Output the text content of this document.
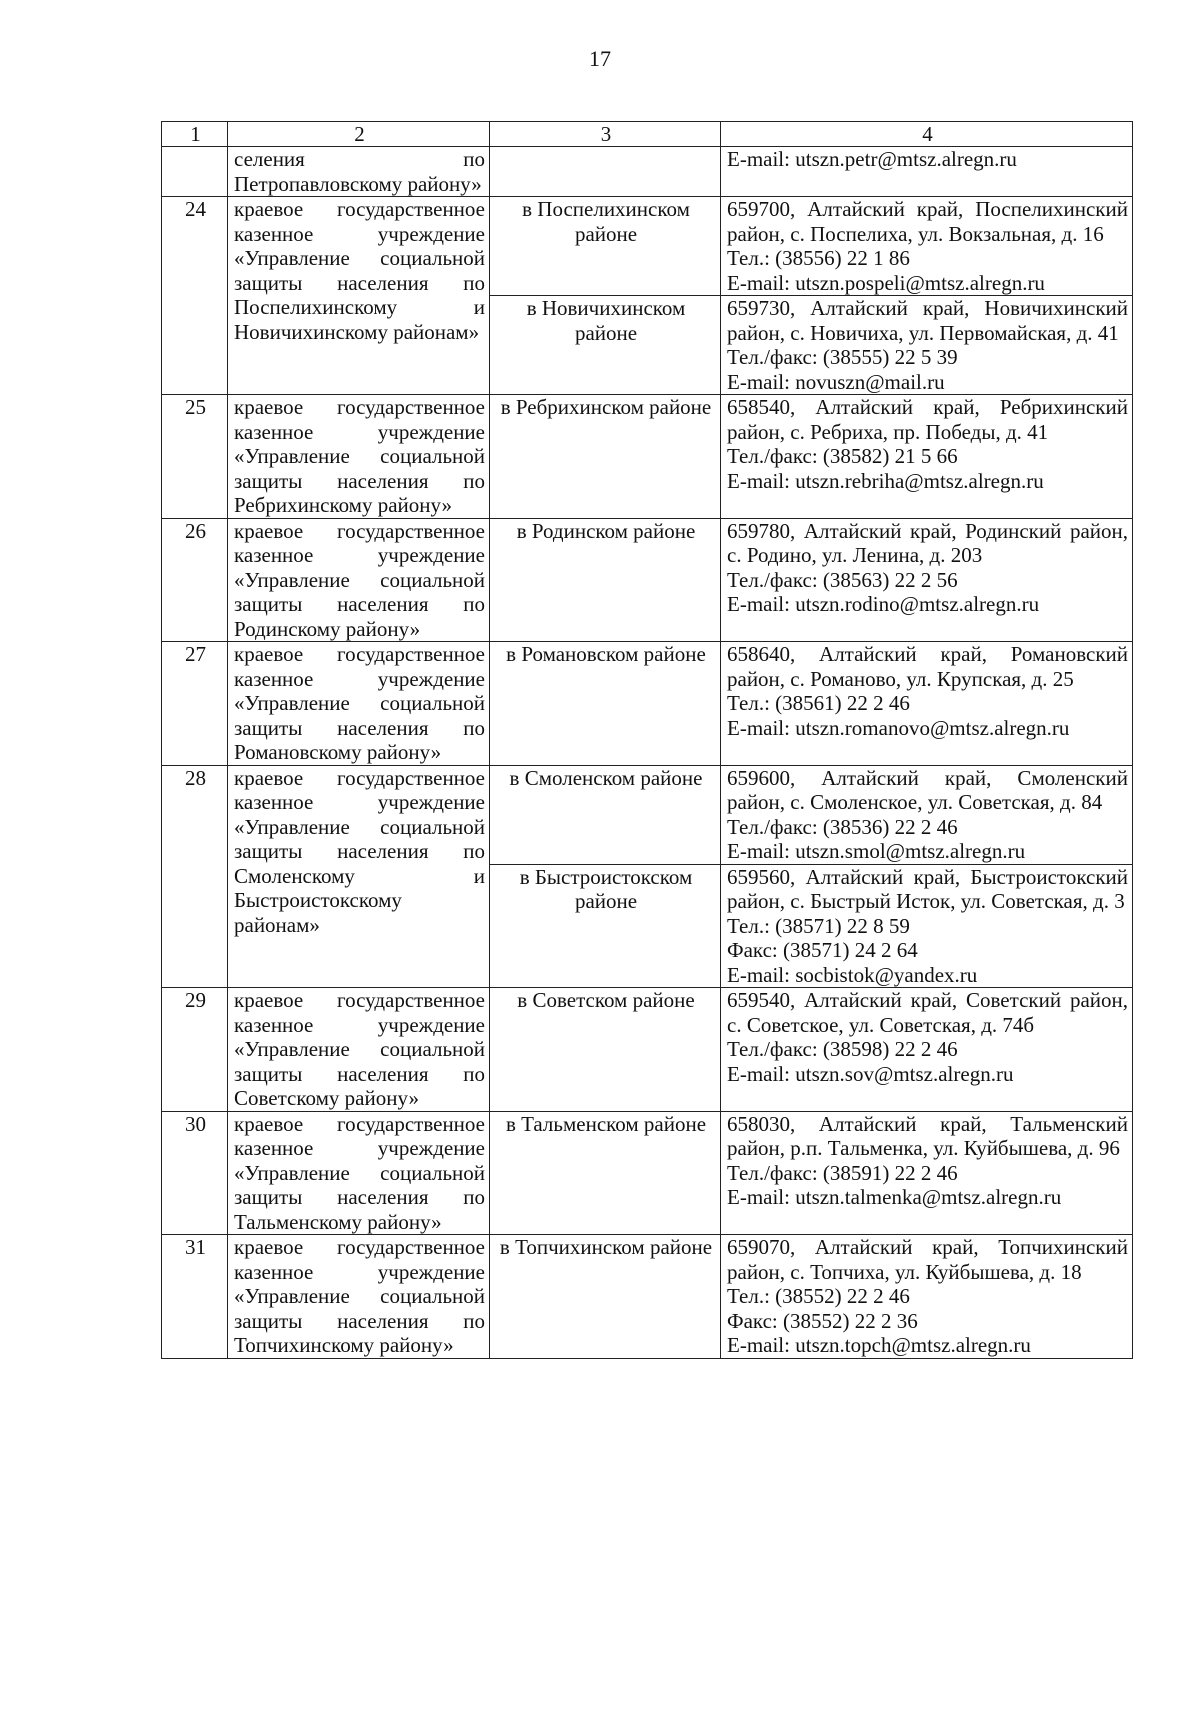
17
1	2	3	4

	селения по Петропавловскому району»		E-mail: utszn.petr@mtsz.alregn.ru

24	краевое государственное казенное учреждение «Управление социальной защиты населения по Поспелихинскому и Новичихинскому районам»	в Поспелихинском районе	659700, Алтайский край, Поспелихинский район, с. Поспелиха, ул. Вокзальная, д. 16
Тел.: (38556) 22 1 86
E-mail: utszn.pospeli@mtsz.alregn.ru

		в Новичихинском районе	659730, Алтайский край, Новичихинский район, с. Новичиха, ул. Первомайская, д. 41
Тел./факс: (38555) 22 5 39
E-mail: novuszn@mail.ru

25	краевое государственное казенное учреждение «Управление социальной защиты населения по Ребрихинскому району»	в Ребрихинском районе	658540, Алтайский край, Ребрихинский район, с. Ребриха, пр. Победы, д. 41
Тел./факс: (38582) 21 5 66
E-mail: utszn.rebriha@mtsz.alregn.ru

26	краевое государственное казенное учреждение «Управление социальной защиты населения по Родинскому району»	в Родинском районе	659780, Алтайский край, Родинский район, с. Родино, ул. Ленина, д. 203
Тел./факс: (38563) 22 2 56
E-mail: utszn.rodino@mtsz.alregn.ru

27	краевое государственное казенное учреждение «Управление социальной защиты населения по Романовскому району»	в Романовском районе	658640, Алтайский край, Романовский район, с. Романово, ул. Крупская, д. 25
Тел.: (38561) 22 2 46
E-mail: utszn.romanovo@mtsz.alregn.ru

28	краевое государственное казенное учреждение «Управление социальной защиты населения по Смоленскому и Быстроистокскому районам»	в Смоленском районе	659600, Алтайский край, Смоленский район, с. Смоленское, ул. Советская, д. 84
Тел./факс: (38536) 22 2 46
E-mail: utszn.smol@mtsz.alregn.ru

		в Быстроистокском районе	659560, Алтайский край, Быстроистокский район, с. Быстрый Исток, ул. Советская, д. 3
Тел.: (38571) 22 8 59
Факс: (38571) 24 2 64
E-mail: socbistok@yandex.ru

29	краевое государственное казенное учреждение «Управление социальной защиты населения по Советскому району»	в Советском районе	659540, Алтайский край, Советский район, с. Советское, ул. Советская, д. 74б
Тел./факс: (38598) 22 2 46
E-mail: utszn.sov@mtsz.alregn.ru

30	краевое государственное казенное учреждение «Управление социальной защиты населения по Тальменскому району»	в Тальменском районе	658030, Алтайский край, Тальменский район, р.п. Тальменка, ул. Куйбышева, д. 96
Тел./факс: (38591) 22 2 46
E-mail: utszn.talmenka@mtsz.alregn.ru

31	краевое государственное казенное учреждение «Управление социальной защиты населения по Топчихинскому району»	в Топчихинском районе	659070, Алтайский край, Топчихинский район, с. Топчиха, ул. Куйбышева, д. 18
Тел.: (38552) 22 2 46
Факс: (38552) 22 2 36
E-mail: utszn.topch@mtsz.alregn.ru
